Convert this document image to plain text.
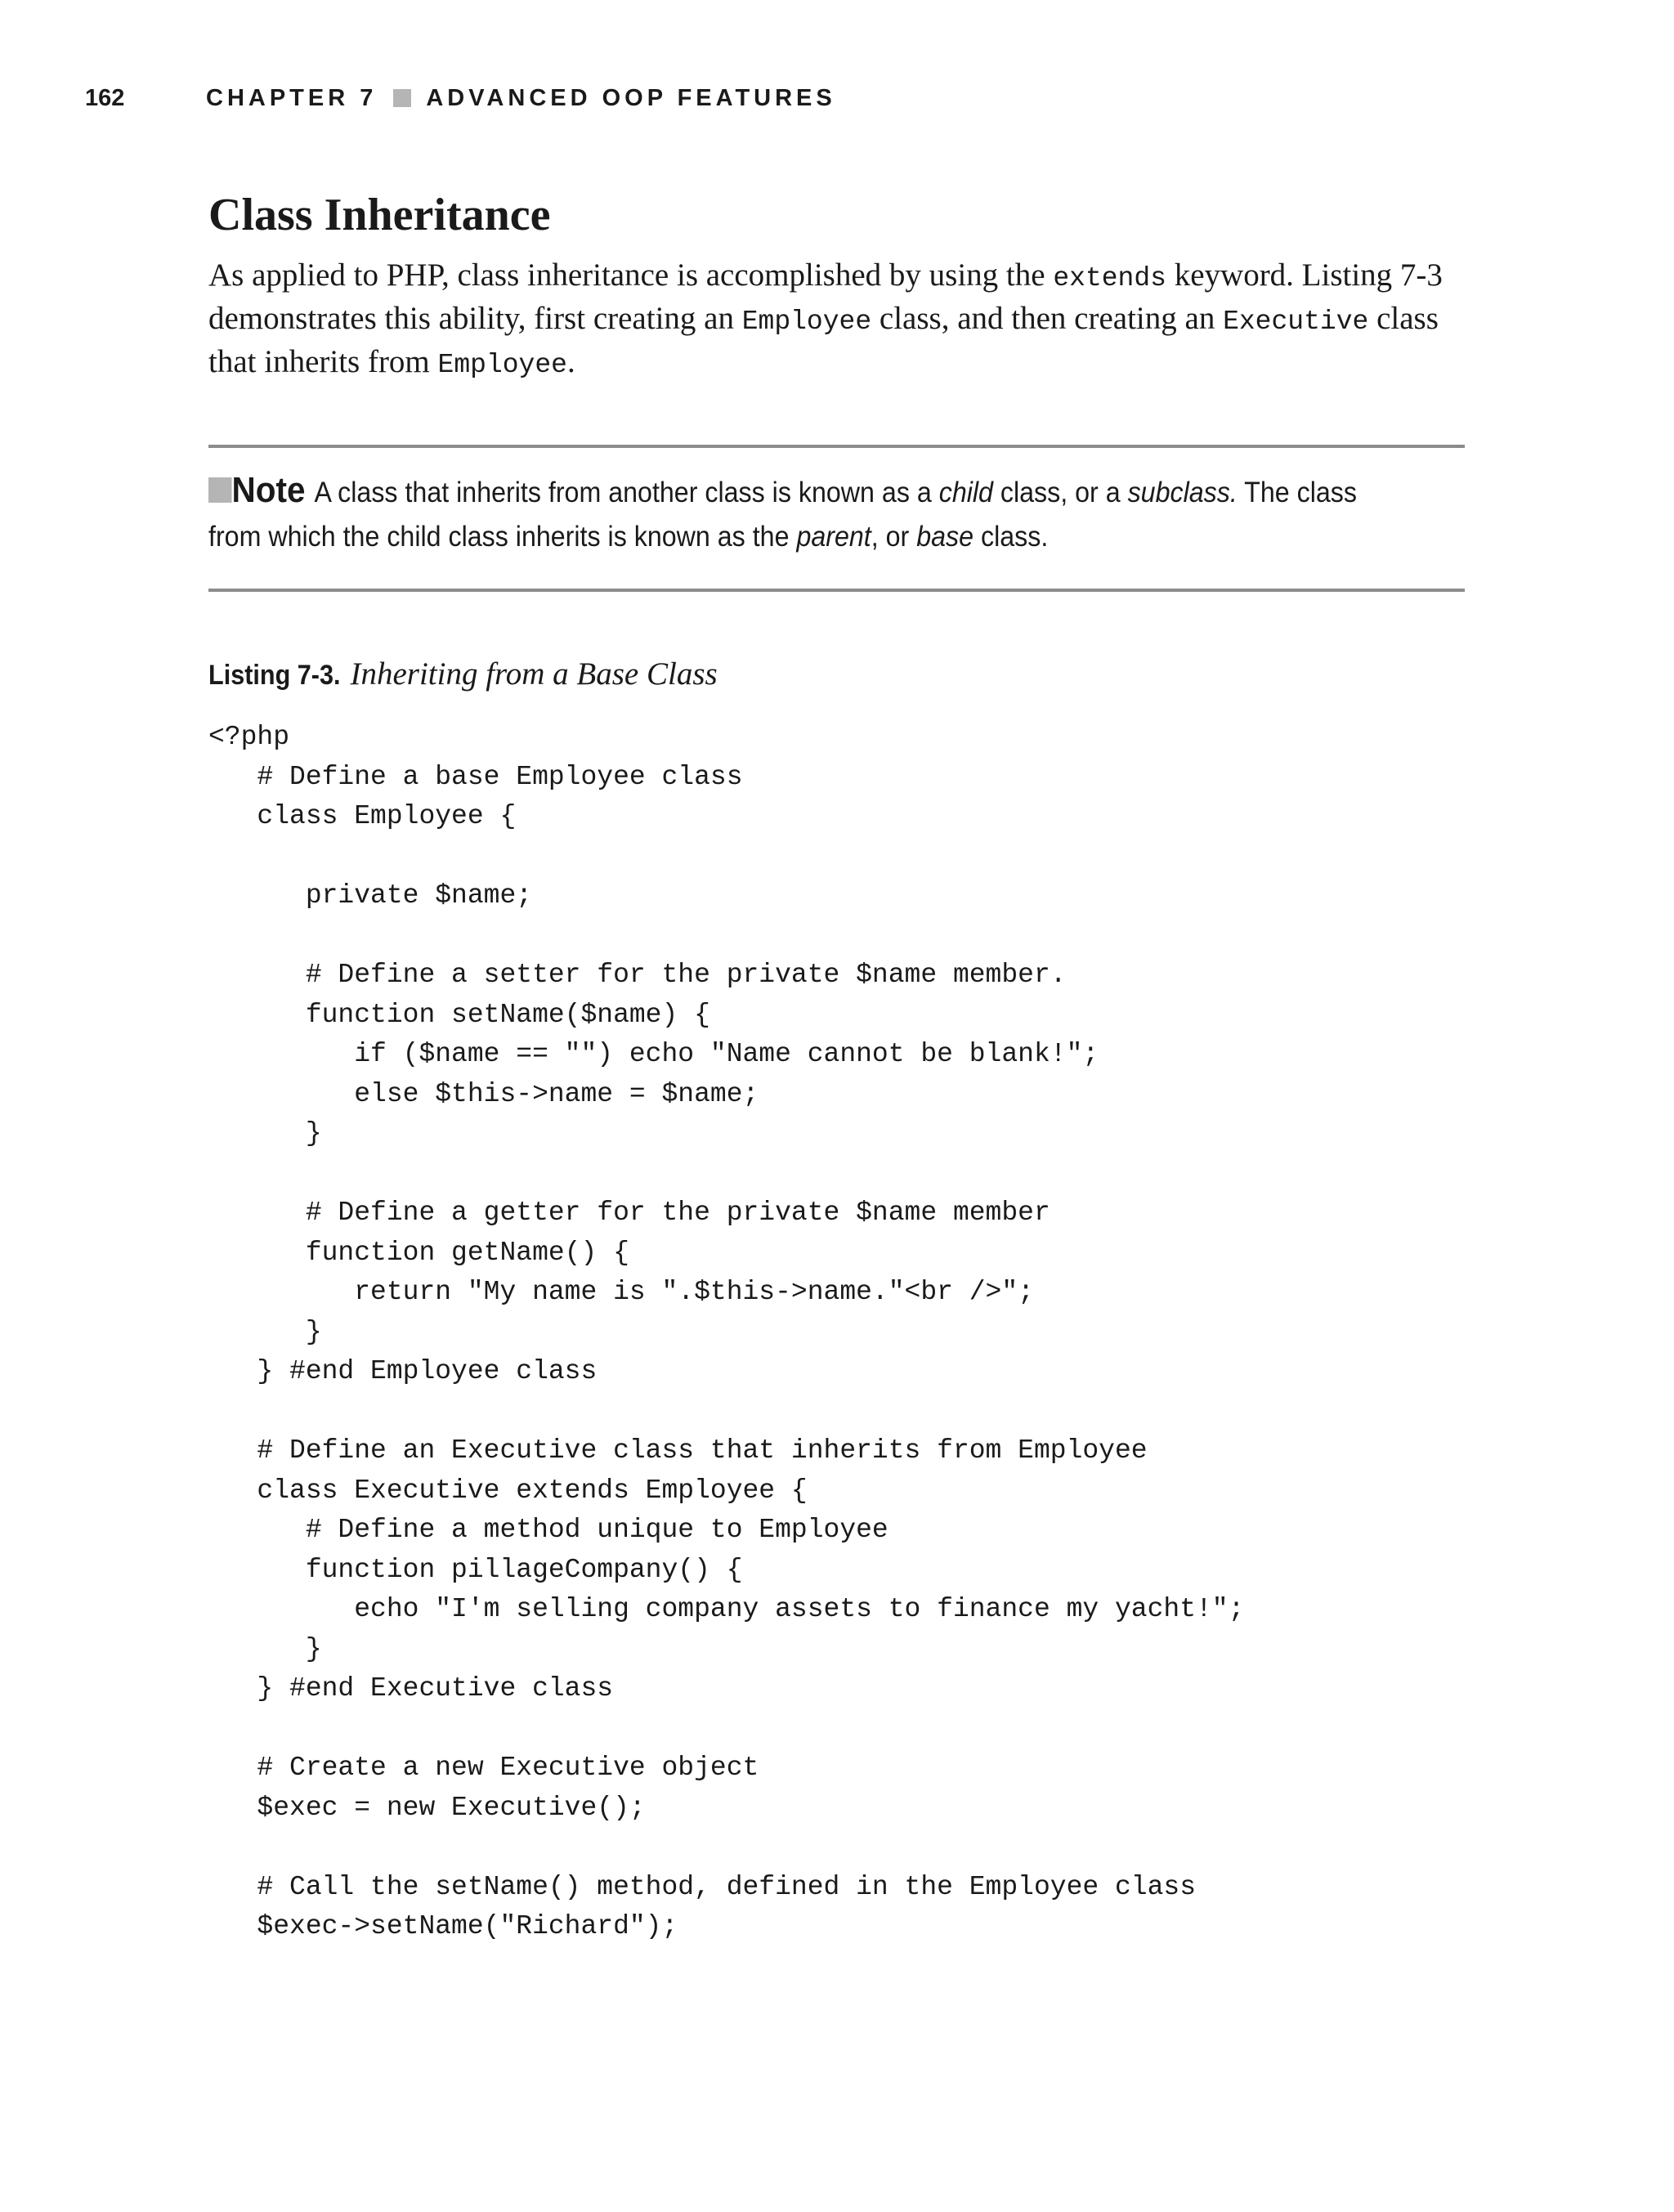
162	CHAPTER 7 ADVANCED OOP FEATURES
Class Inheritance

As applied to PHP, class inheritance is accomplished by using the extends keyword. Listing 7-3 demonstrates this ability, first creating an Employee class, and then creating an Executive class that inherits from Employee.

Note A class that inherits from another class is known as a child class, or a subclass. The class from which the child class inherits is known as the parent, or base class.

Listing 7-3. Inheriting from a Base Class

<?php
# Define a base Employee class
class Employee {
private $name;
# Define a setter for the private $name member.
function setName($name) {
if ($name == "") echo "Name cannot be blank!";
else $this->name = $name;
}
# Define a getter for the private $name member
function getName() {
return "My name is ".$this->name."<br />";
}
} #end Employee class
# Define an Executive class that inherits from Employee
class Executive extends Employee {
# Define a method unique to Employee
function pillageCompany() {
echo "I'm selling company assets to finance my yacht!";
}
} #end Executive class
# Create a new Executive object
$exec = new Executive();
# Call the setName() method, defined in the Employee class
$exec->setName("Richard");
